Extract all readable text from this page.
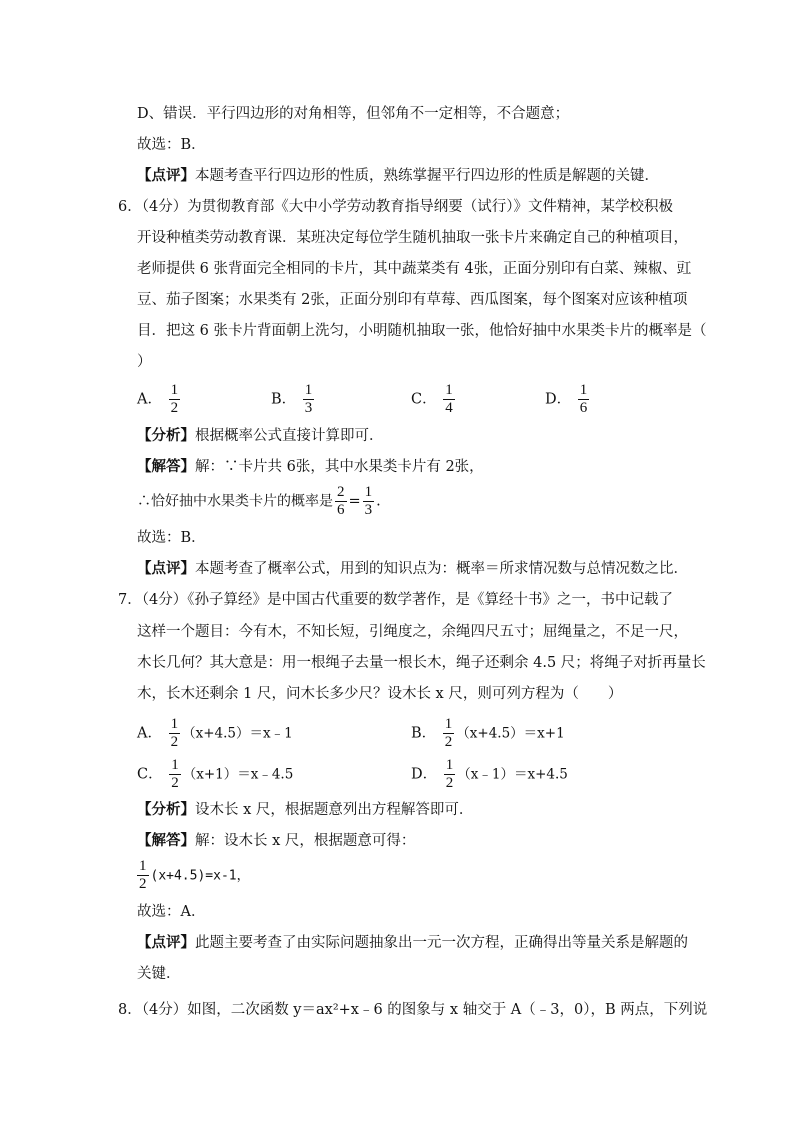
D、错误．平行四边形的对角相等，但邻角不一定相等，不合题意；
故选：B．
【点评】本题考查平行四边形的性质，熟练掌握平行四边形的性质是解题的关键．
6．（4分）为贯彻教育部《大中小学劳动教育指导纲要（试行）》文件精神，某学校积极
开设种植类劳动教育课．某班决定每位学生随机抽取一张卡片来确定自己的种植项目，
老师提供 6 张背面完全相同的卡片，其中蔬菜类有 4张，正面分别印有白菜、辣椒、豇
豆、茄子图案；水果类有 2张，正面分别印有草莓、西瓜图案，每个图案对应该种植项
目．把这 6 张卡片背面朝上洗匀，小明随机抽取一张，他恰好抽中水果类卡片的概率是（
）
A． $\frac{1}{2}$	B． $\frac{1}{3}$	C． $\frac{1}{4}$	D． $\frac{1}{6}$
【分析】根据概率公式直接计算即可．
【解答】解：∵卡片共 6张，其中水果类卡片有 2张，
∴恰好抽中水果类卡片的概率是 $\frac{2}{6} = \frac{1}{3}$ .
故选：B．
【点评】本题考查了概率公式，用到的知识点为：概率＝所求情况数与总情况数之比．
7．（4分）《孙子算经》是中国古代重要的数学著作，是《算经十书》之一，书中记载了
这样一个题目：今有木，不知长短，引绳度之，余绳四尺五寸；屈绳量之，不足一尺，
木长几何？其大意是：用一根绳子去量一根长木，绳子还剩余 4.5 尺；将绳子对折再量长
木，长木还剩余 1 尺，问木长多少尺？设木长 x 尺，则可列方程为（　　）
A． $\frac{1}{2}$ （x+4.5）＝x﹣1	B． $\frac{1}{2} (x+4.5)=x+1$
C． $\frac{1}{2}$ （x+1）＝x﹣4.5	D． $\frac{1}{2}$ （x﹣1）＝x+4.5
【分析】设木长 x 尺，根据题意列出方程解答即可．
【解答】解：设木长 x 尺，根据题意可得：
$\frac{1}{2} (x+4.5)=x-1$，
故选：A．
【点评】此题主要考查了由实际问题抽象出一元一次方程，正确得出等量关系是解题的
关键．
8．（4分）如图，二次函数 y＝ax²+x﹣6 的图象与 x 轴交于 A（﹣3，0），B 两点，下列说
